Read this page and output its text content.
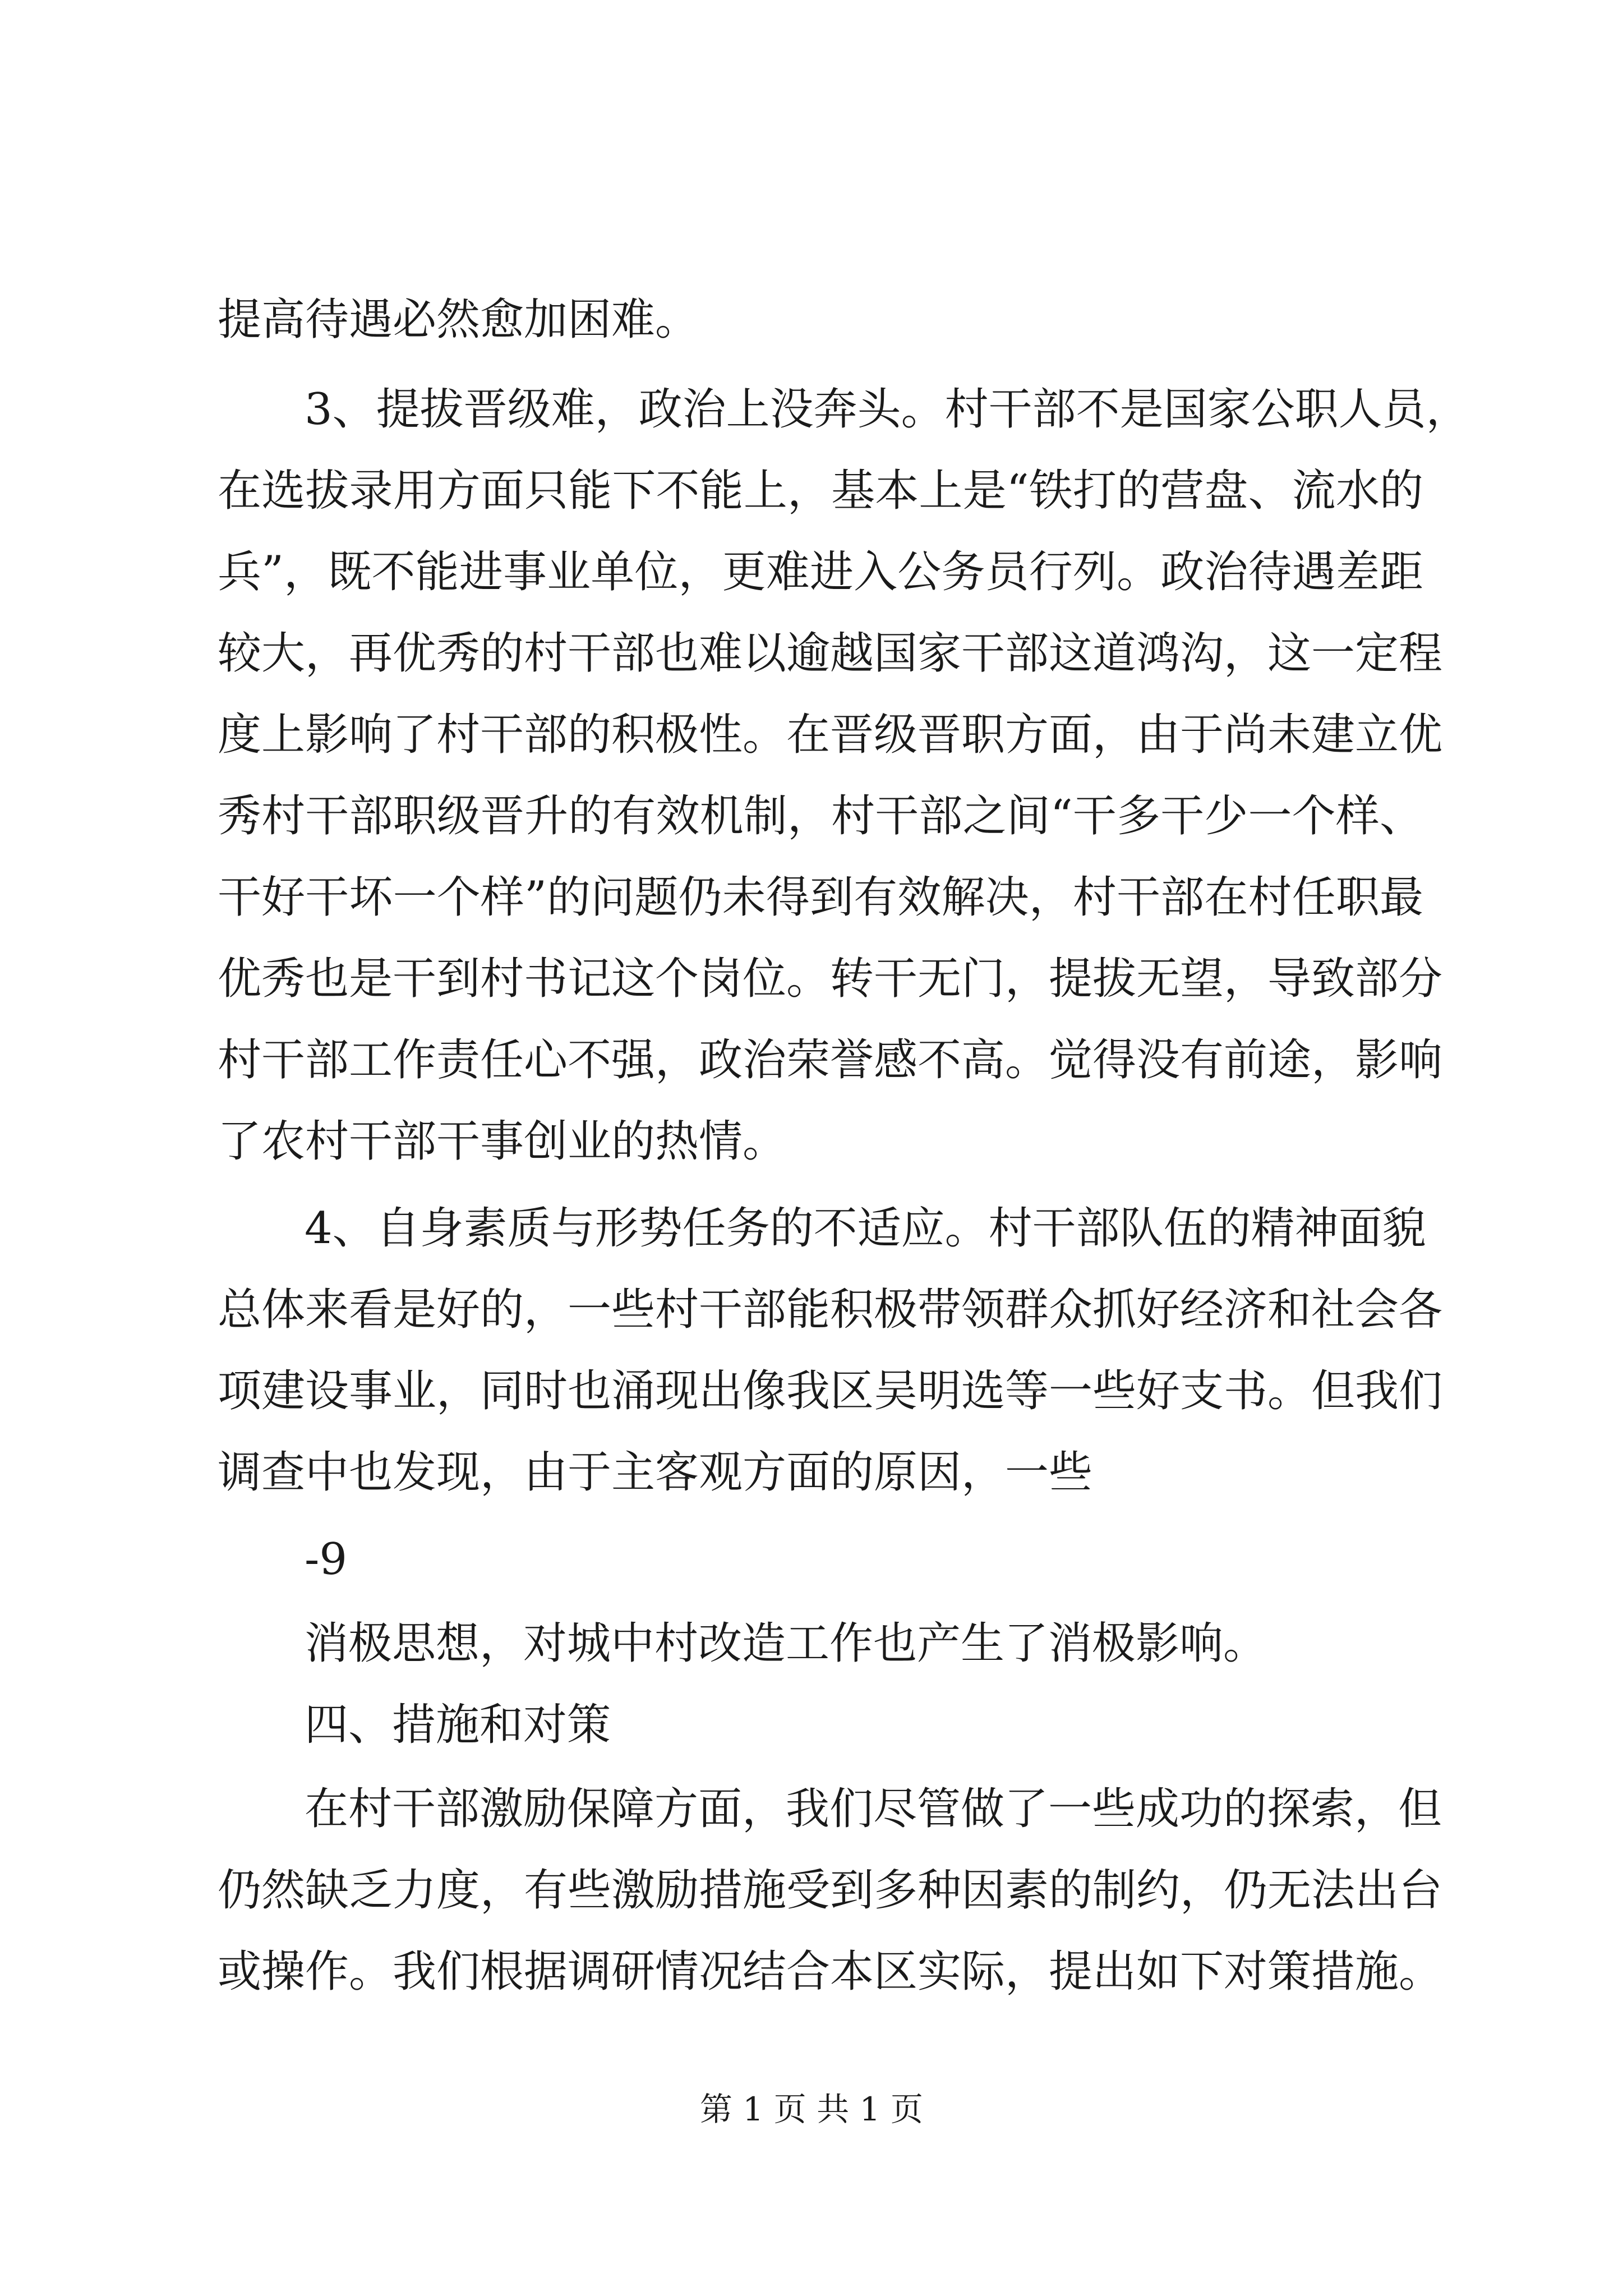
提高待遇必然愈加困难。
3、提拔晋级难，政治上没奔头。村干部不是国家公职人员，
在选拔录用方面只能下不能上，基本上是“铁打的营盘、流水的
兵”，既不能进事业单位，更难进入公务员行列。政治待遇差距
较大，再优秀的村干部也难以逾越国家干部这道鸿沟，这一定程
度上影响了村干部的积极性。在晋级晋职方面，由于尚未建立优
秀村干部职级晋升的有效机制，村干部之间“干多干少一个样、
干好干坏一个样”的问题仍未得到有效解决，村干部在村任职最
优秀也是干到村书记这个岗位。转干无门，提拔无望，导致部分
村干部工作责任心不强，政治荣誉感不高。觉得没有前途，影响
了农村干部干事创业的热情。
4、自身素质与形势任务的不适应。村干部队伍的精神面貌
总体来看是好的，一些村干部能积极带领群众抓好经济和社会各
项建设事业，同时也涌现出像我区吴明选等一些好支书。但我们
调查中也发现，由于主客观方面的原因，一些
-9
消极思想，对城中村改造工作也产生了消极影响。
四、措施和对策
在村干部激励保障方面，我们尽管做了一些成功的探索，但
仍然缺乏力度，有些激励措施受到多种因素的制约，仍无法出台
或操作。我们根据调研情况结合本区实际，提出如下对策措施。
第 1 页 共 1 页
